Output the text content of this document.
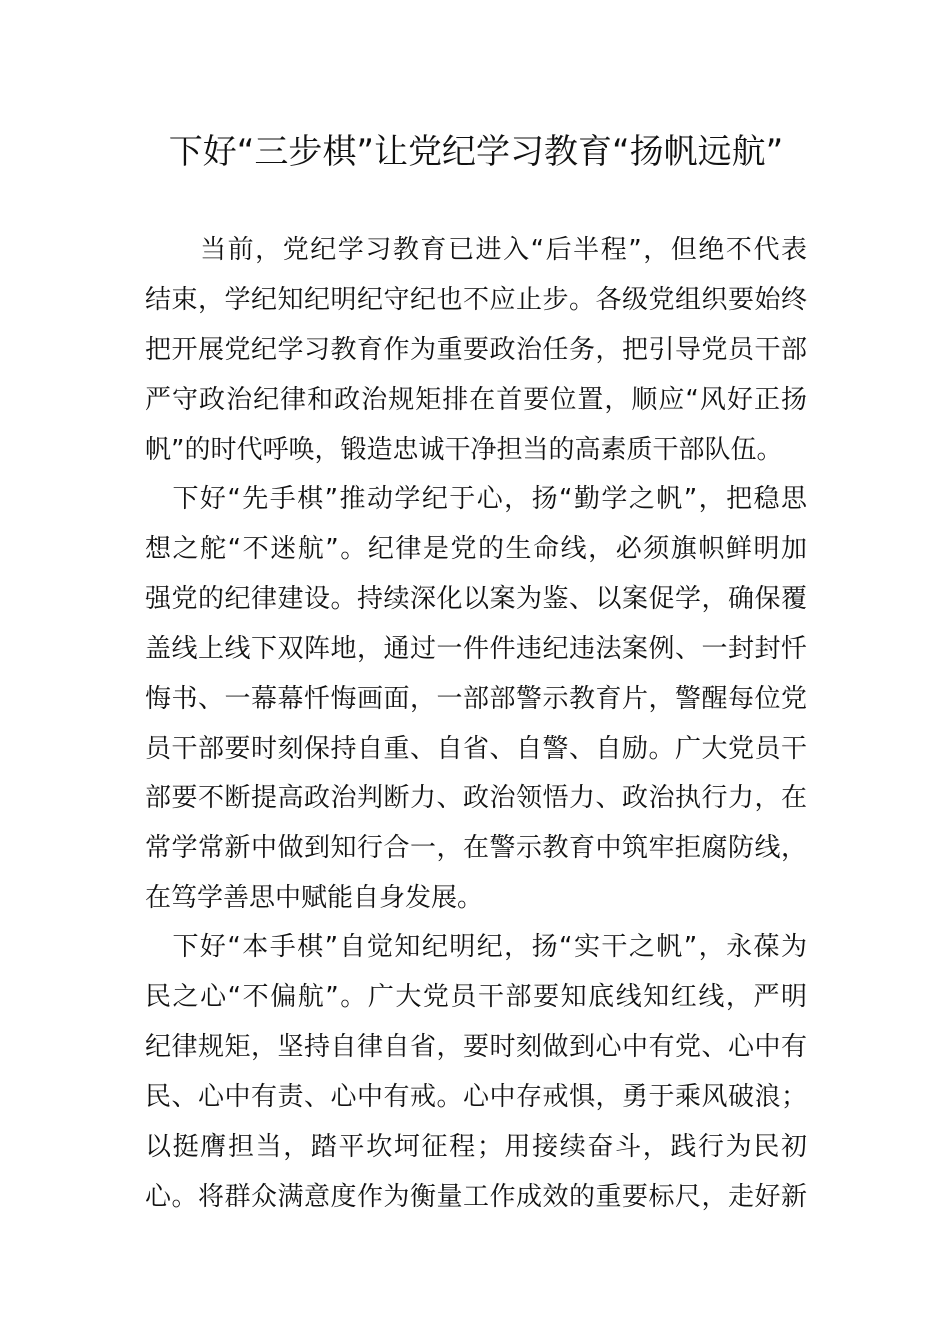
下好“三步棋”让党纪学习教育“扬帆远航”

　　当前，党纪学习教育已进入“后半程”，但绝不代表

结束，学纪知纪明纪守纪也不应止步。各级党组织要始终

把开展党纪学习教育作为重要政治任务，把引导党员干部

严守政治纪律和政治规矩排在首要位置，顺应“风好正扬

帆”的时代呼唤，锻造忠诚干净担当的高素质干部队伍。

　下好“先手棋”推动学纪于心，扬“勤学之帆”，把稳思

想之舵“不迷航”。纪律是党的生命线，必须旗帜鲜明加

强党的纪律建设。持续深化以案为鉴、以案促学，确保覆

盖线上线下双阵地，通过一件件违纪违法案例、一封封忏

悔书、一幕幕忏悔画面，一部部警示教育片，警醒每位党

员干部要时刻保持自重、自省、自警、自励。广大党员干

部要不断提高政治判断力、政治领悟力、政治执行力，在

常学常新中做到知行合一，在警示教育中筑牢拒腐防线，

在笃学善思中赋能自身发展。

　下好“本手棋”自觉知纪明纪，扬“实干之帆”，永葆为

民之心“不偏航”。广大党员干部要知底线知红线，严明

纪律规矩，坚持自律自省，要时刻做到心中有党、心中有

民、心中有责、心中有戒。心中存戒惧，勇于乘风破浪；

以挺膺担当，踏平坎坷征程；用接续奋斗，践行为民初

心。将群众满意度作为衡量工作成效的重要标尺，走好新
